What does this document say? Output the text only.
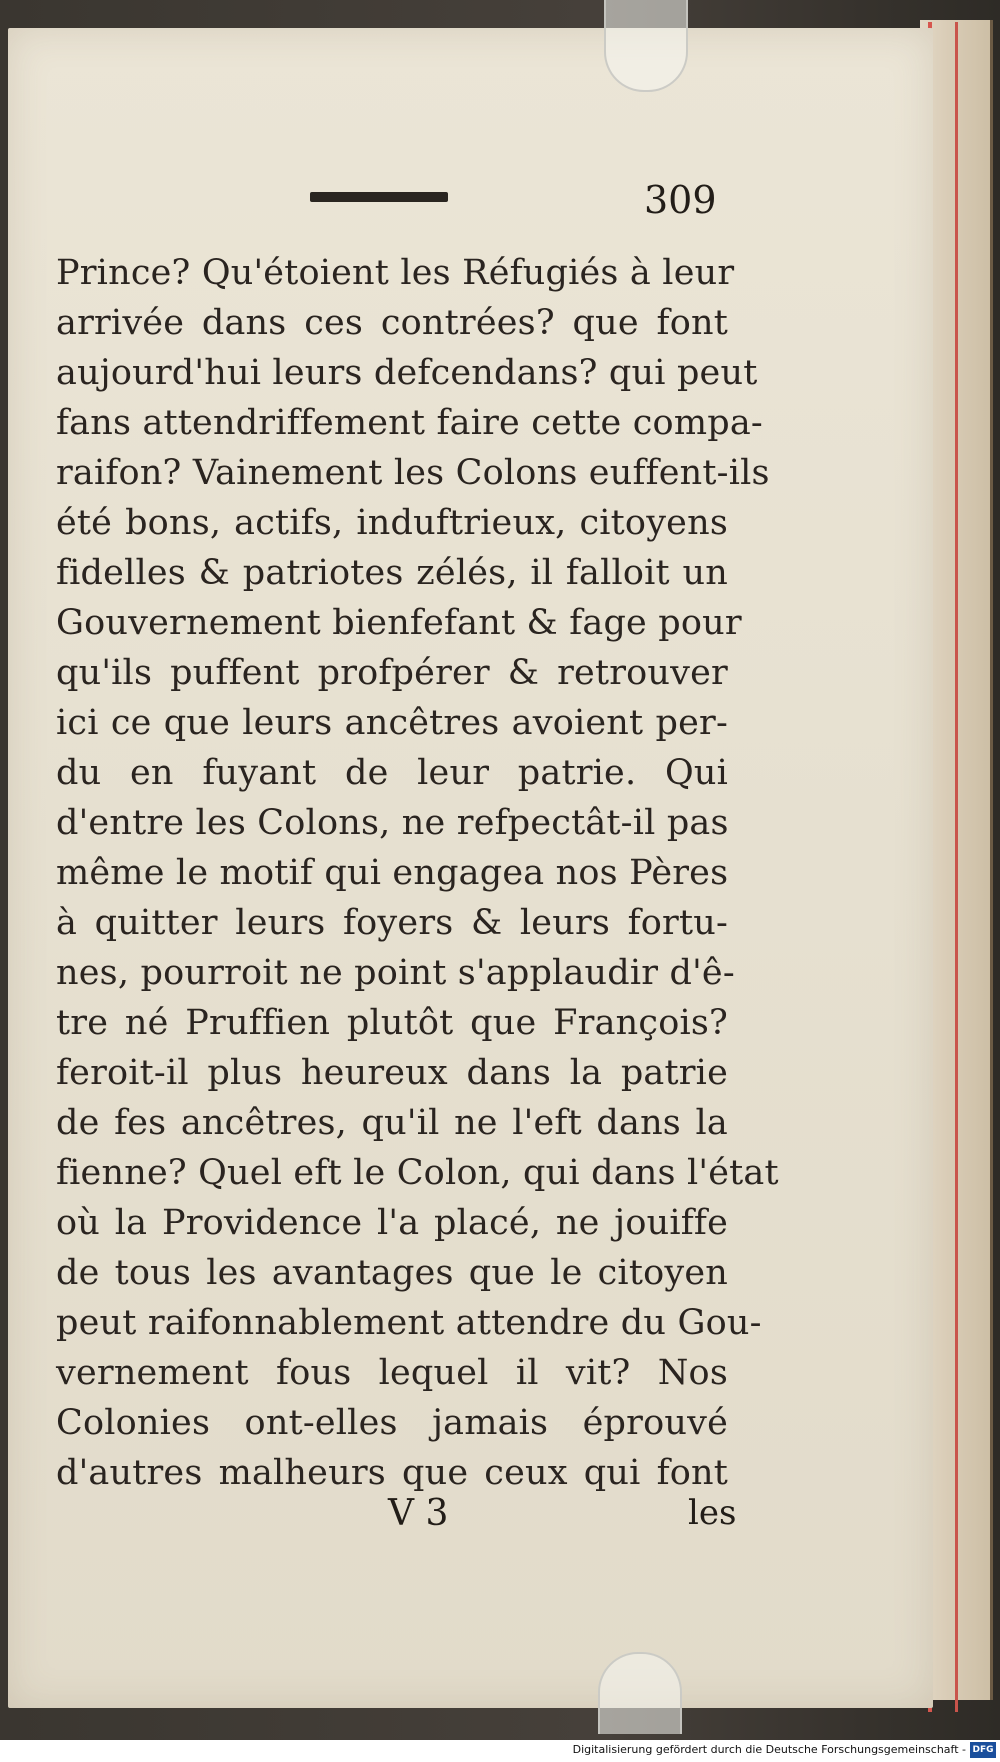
309
Prince? Qu'étoient les Réfugiés à leur
arrivée dans ces contrées? que font
aujourd'hui leurs defcendans? qui peut
fans attendriffement faire cette compa-
raifon? Vainement les Colons euffent-ils
été bons, actifs, induftrieux, citoyens
fidelles & patriotes zélés, il falloit un
Gouvernement bienfefant & fage pour
qu'ils puffent profpérer & retrouver
ici ce que leurs ancêtres avoient per-
du en fuyant de leur patrie. Qui
d'entre les Colons, ne refpectât-il pas
même le motif qui engagea nos Pères
à quitter leurs foyers & leurs fortu-
nes, pourroit ne point s'applaudir d'ê-
tre né Pruffien plutôt que François?
feroit-il plus heureux dans la patrie
de fes ancêtres, qu'il ne l'eft dans la
fienne? Quel eft le Colon, qui dans l'état
où la Providence l'a placé, ne jouiffe
de tous les avantages que le citoyen
peut raifonnablement attendre du Gou-
vernement fous lequel il vit? Nos
Colonies ont-elles jamais éprouvé
d'autres malheurs que ceux qui font
V 3	les
Digitalisierung gefördert durch die Deutsche Forschungsgemeinschaft - DFG
